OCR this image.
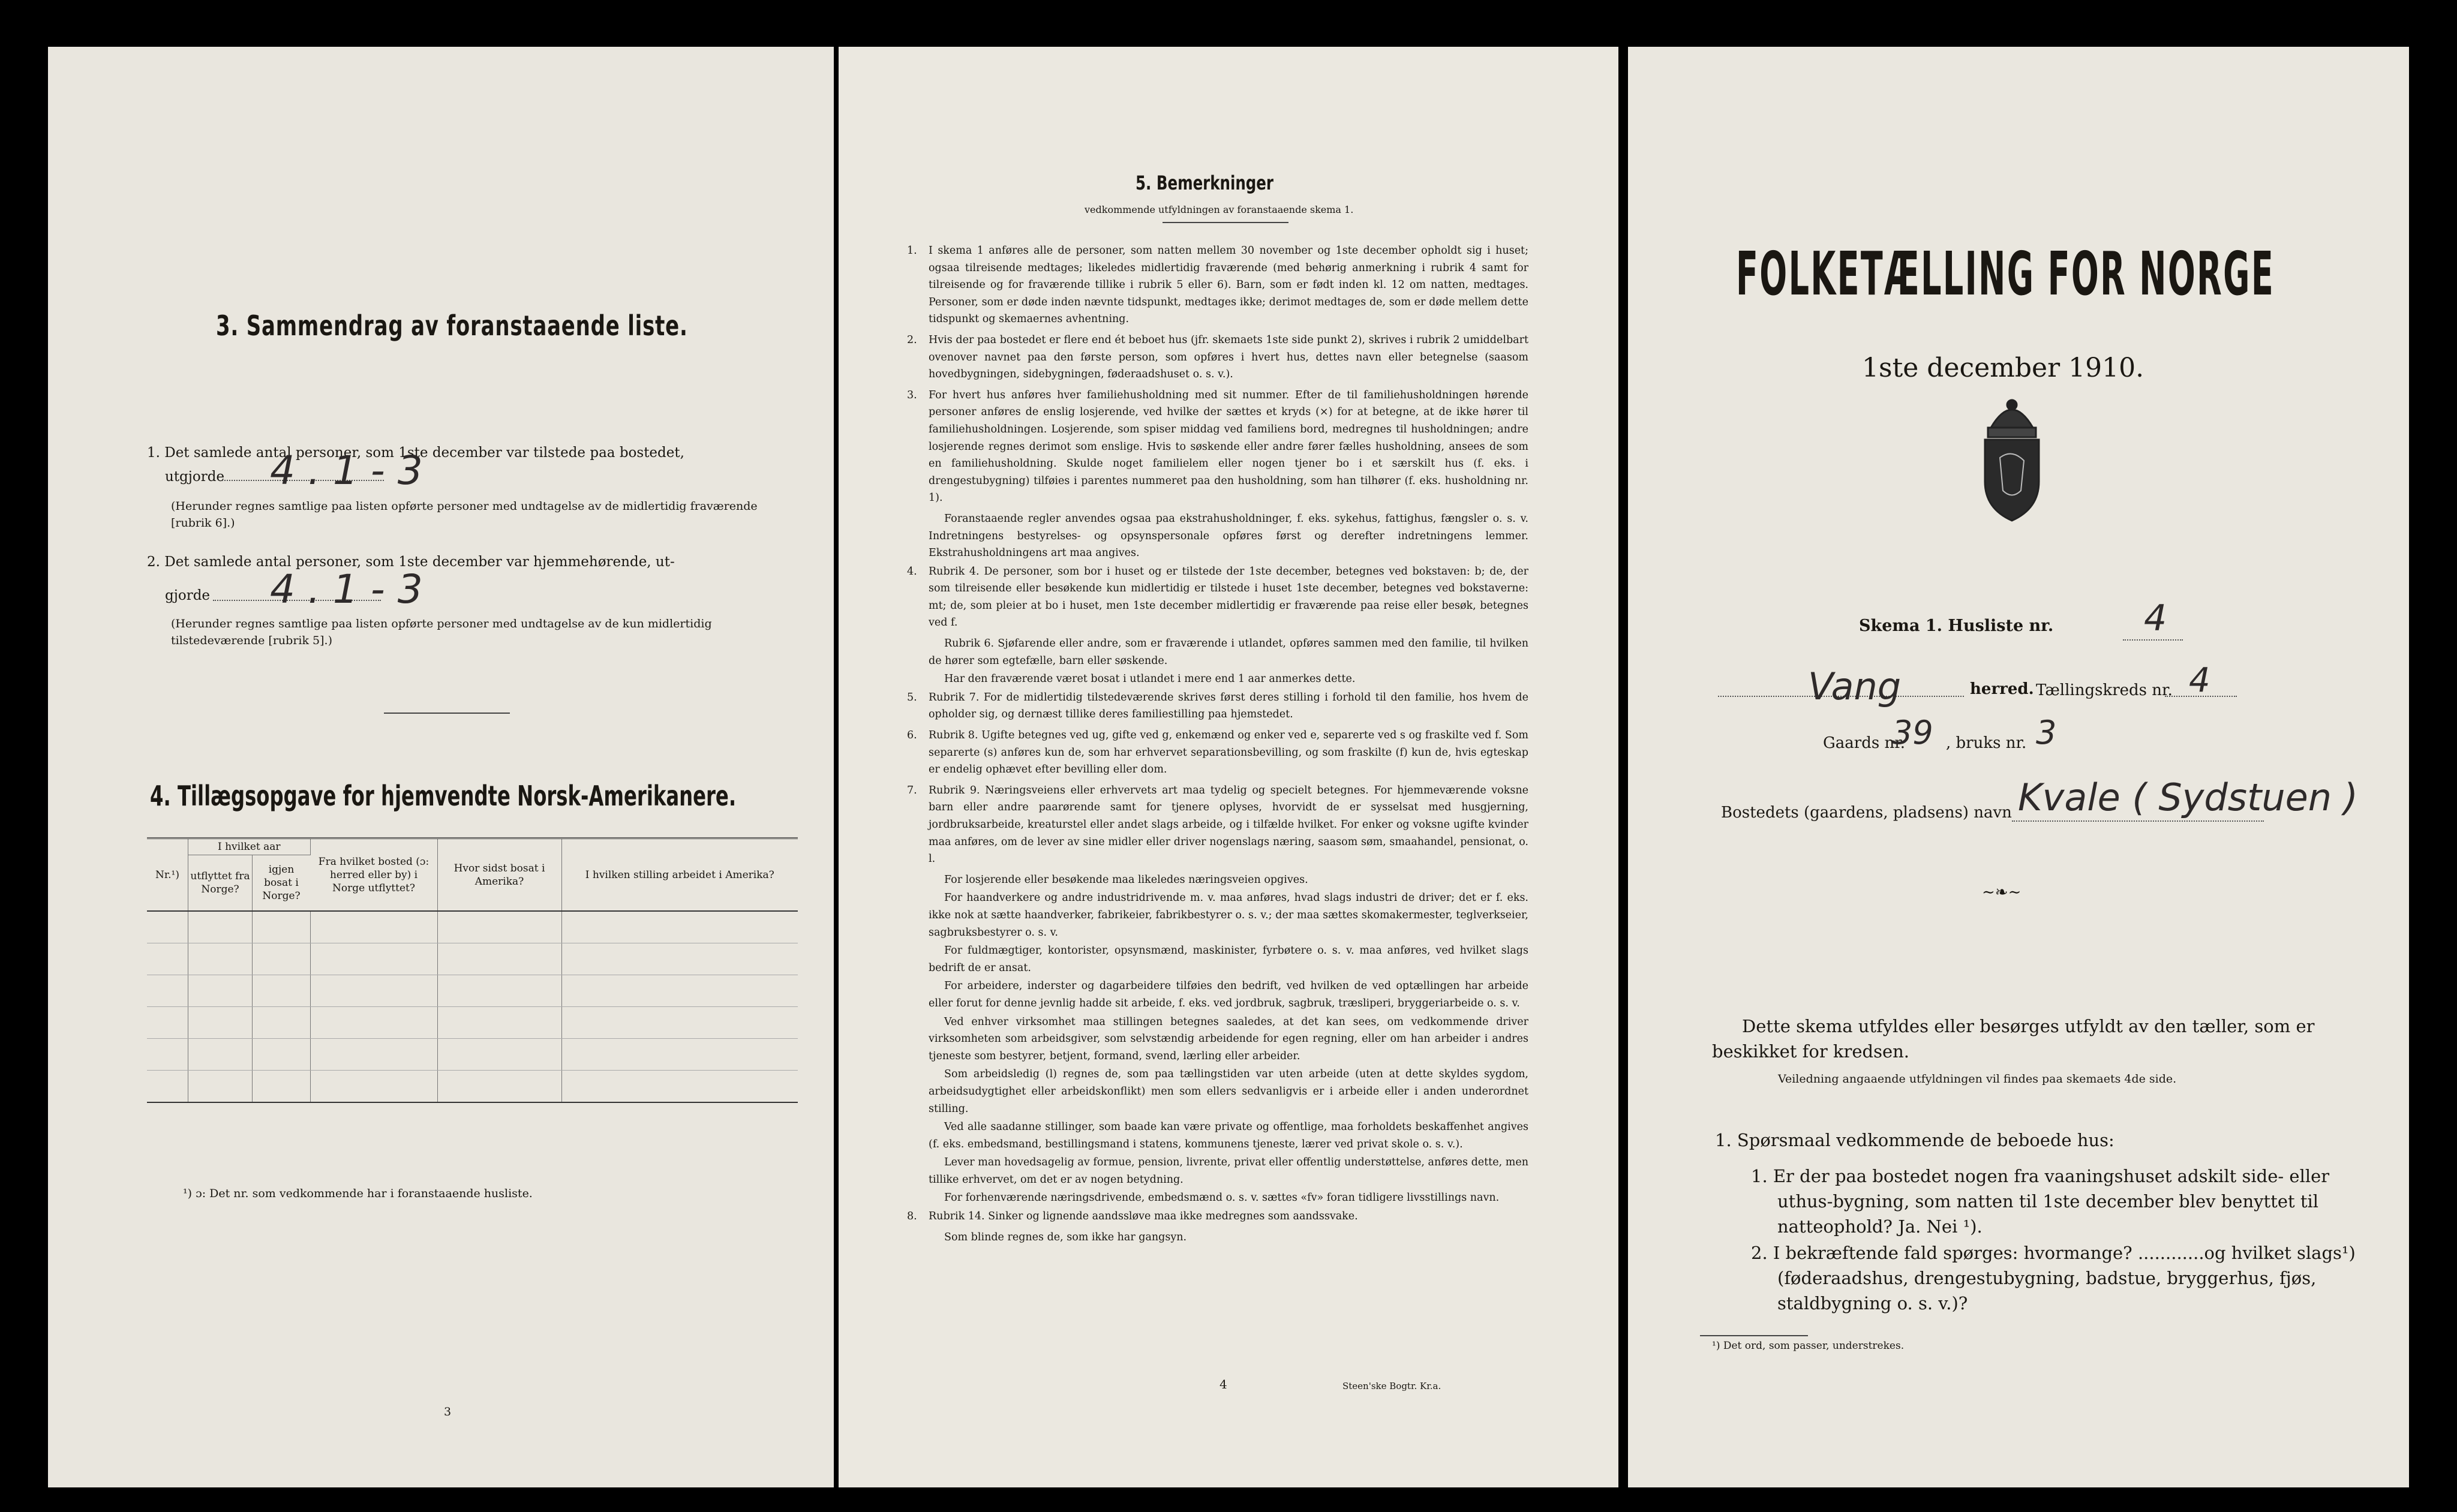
3. Sammendrag av foranstaaende liste.
1. Det samlede antal personer, som 1ste december var tilstede paa bostedet,
utgjorde 4 . 1 - 3
(Herunder regnes samtlige paa listen opførte personer med undtagelse av de midlertidig fraværende [rubrik 6].)
2. Det samlede antal personer, som 1ste december var hjemmehørende, ut-
gjorde 4 . 1 - 3
(Herunder regnes samtlige paa listen opførte personer med undtagelse av de kun midlertidig tilstedeværende [rubrik 5].)
4. Tillægsopgave for hjemvendte Norsk-Amerikanere.
Nr.¹)	I hvilket aar		Fra hvilket bosted (ɔ: herred eller by) i Norge utflyttet?	Hvor sidst bosat i Amerika?	I hvilken stilling arbeidet i Amerika?
	utflyttet fra Norge?	igjen bosat i Norge?			

¹) ɔ: Det nr. som vedkommende har i foranstaaende husliste.
3
5. Bemerkninger
vedkommende utfyldningen av foranstaaende skema 1.
1. I skema 1 anføres alle de personer, som natten mellem 30 november og 1ste december opholdt sig i huset; ogsaa tilreisende medtages; likeledes midlertidig fraværende (med behørig anmerkning i rubrik 4 samt for tilreisende og for fraværende tillike i rubrik 5 eller 6). Barn, som er født inden kl. 12 om natten, medtages. Personer, som er døde inden nævnte tidspunkt, medtages ikke; derimot medtages de, som er døde mellem dette tidspunkt og skemaernes avhentning.

2. Hvis der paa bostedet er flere end ét beboet hus (jfr. skemaets 1ste side punkt 2), skrives i rubrik 2 umiddelbart ovenover navnet paa den første person, som opføres i hvert hus, dettes navn eller betegnelse (saasom hovedbygningen, sidebygningen, føderaadshuset o. s. v.).

3. For hvert hus anføres hver familiehusholdning med sit nummer. Efter de til familiehusholdningen hørende personer anføres de enslig losjerende, ved hvilke der sættes et kryds (×) for at betegne, at de ikke hører til familiehusholdningen. Losjerende, som spiser middag ved familiens bord, medregnes til husholdningen; andre losjerende regnes derimot som enslige. Hvis to søskende eller andre fører fælles husholdning, ansees de som en familiehusholdning. Skulde noget familielem eller nogen tjener bo i et særskilt hus (f. eks. i drengestubygning) tilføies i parentes nummeret paa den husholdning, som han tilhører (f. eks. husholdning nr. 1).

Foranstaaende regler anvendes ogsaa paa ekstrahusholdninger, f. eks. sykehus, fattighus, fængsler o. s. v. Indretningens bestyrelses- og opsynspersonale opføres først og derefter indretningens lemmer. Ekstrahusholdningens art maa angives.

4. Rubrik 4. De personer, som bor i huset og er tilstede der 1ste december, betegnes ved bokstaven: b; de, der som tilreisende eller besøkende kun midlertidig er tilstede i huset 1ste december, betegnes ved bokstaverne: mt; de, som pleier at bo i huset, men 1ste december midlertidig er fraværende paa reise eller besøk, betegnes ved f.

Rubrik 6. Sjøfarende eller andre, som er fraværende i utlandet, opføres sammen med den familie, til hvilken de hører som egtefælle, barn eller søskende.

Har den fraværende været bosat i utlandet i mere end 1 aar anmerkes dette.

5. Rubrik 7. For de midlertidig tilstedeværende skrives først deres stilling i forhold til den familie, hos hvem de opholder sig, og dernæst tillike deres familiestilling paa hjemstedet.

6. Rubrik 8. Ugifte betegnes ved ug, gifte ved g, enkemænd og enker ved e, separerte ved s og fraskilte ved f. Som separerte (s) anføres kun de, som har erhvervet separationsbevilling, og som fraskilte (f) kun de, hvis egteskap er endelig ophævet efter bevilling eller dom.

7. Rubrik 9. Næringsveiens eller erhvervets art maa tydelig og specielt betegnes. For hjemmeværende voksne barn eller andre paarørende samt for tjenere oplyses, hvorvidt de er sysselsat med husgjerning, jordbruksarbeide, kreaturstel eller andet slags arbeide, og i tilfælde hvilket. For enker og voksne ugifte kvinder maa anføres, om de lever av sine midler eller driver nogenslags næring, saasom søm, smaahandel, pensionat, o. l.

For losjerende eller besøkende maa likeledes næringsveien opgives.

For haandverkere og andre industridrivende m. v. maa anføres, hvad slags industri de driver; det er f. eks. ikke nok at sætte haandverker, fabrikeier, fabrikbestyrer o. s. v.; der maa sættes skomakermester, teglverkseier, sagbruksbestyrer o. s. v.

For fuldmægtiger, kontorister, opsynsmænd, maskinister, fyrbøtere o. s. v. maa anføres, ved hvilket slags bedrift de er ansat.

For arbeidere, inderster og dagarbeidere tilføies den bedrift, ved hvilken de ved optællingen har arbeide eller forut for denne jevnlig hadde sit arbeide, f. eks. ved jordbruk, sagbruk, træsliperi, bryggeriarbeide o. s. v.

Ved enhver virksomhet maa stillingen betegnes saaledes, at det kan sees, om vedkommende driver virksomheten som arbeidsgiver, som selvstændig arbeidende for egen regning, eller om han arbeider i andres tjeneste som bestyrer, betjent, formand, svend, lærling eller arbeider.

Som arbeidsledig (l) regnes de, som paa tællingstiden var uten arbeide (uten at dette skyldes sygdom, arbeidsudygtighet eller arbeidskonflikt) men som ellers sedvanligvis er i arbeide eller i anden underordnet stilling.

Ved alle saadanne stillinger, som baade kan være private og offentlige, maa forholdets beskaffenhet angives (f. eks. embedsmand, bestillingsmand i statens, kommunens tjeneste, lærer ved privat skole o. s. v.).

Lever man hovedsagelig av formue, pension, livrente, privat eller offentlig understøttelse, anføres dette, men tillike erhvervet, om det er av nogen betydning.

For forhenværende næringsdrivende, embedsmænd o. s. v. sættes «fv» foran tidligere livsstillings navn.

8. Rubrik 14. Sinker og lignende aandssløve maa ikke medregnes som aandssvake.

Som blinde regnes de, som ikke har gangsyn.

4	Steen'ske Bogtr. Kr.a.
FOLKETÆLLING FOR NORGE
1ste december 1910.
Skema 1. Husliste nr.	4
Vang	herred. Tællingskreds nr. 4
Gaards nr.
39 , bruks nr. 3
Bostedets (gaardens, pladsens) navn Kvale ( Sydstuen )
∼❧∼
Dette skema utfyldes eller besørges utfyldt av den tæller, som er beskikket for kredsen.
Veiledning angaaende utfyldningen vil findes paa skemaets 4de side.
1. Spørsmaal vedkommende de beboede hus:
1. Er der paa bostedet nogen fra vaaningshuset adskilt side- eller uthus-bygning, som natten til 1ste december blev benyttet til natteophold? Ja. Nei ¹).
2. I bekræftende fald spørges: hvormange? ............og hvilket slags¹) (føderaadshus, drengestubygning, badstue, bryggerhus, fjøs, staldbygning o. s. v.)?
¹) Det ord, som passer, understrekes.
